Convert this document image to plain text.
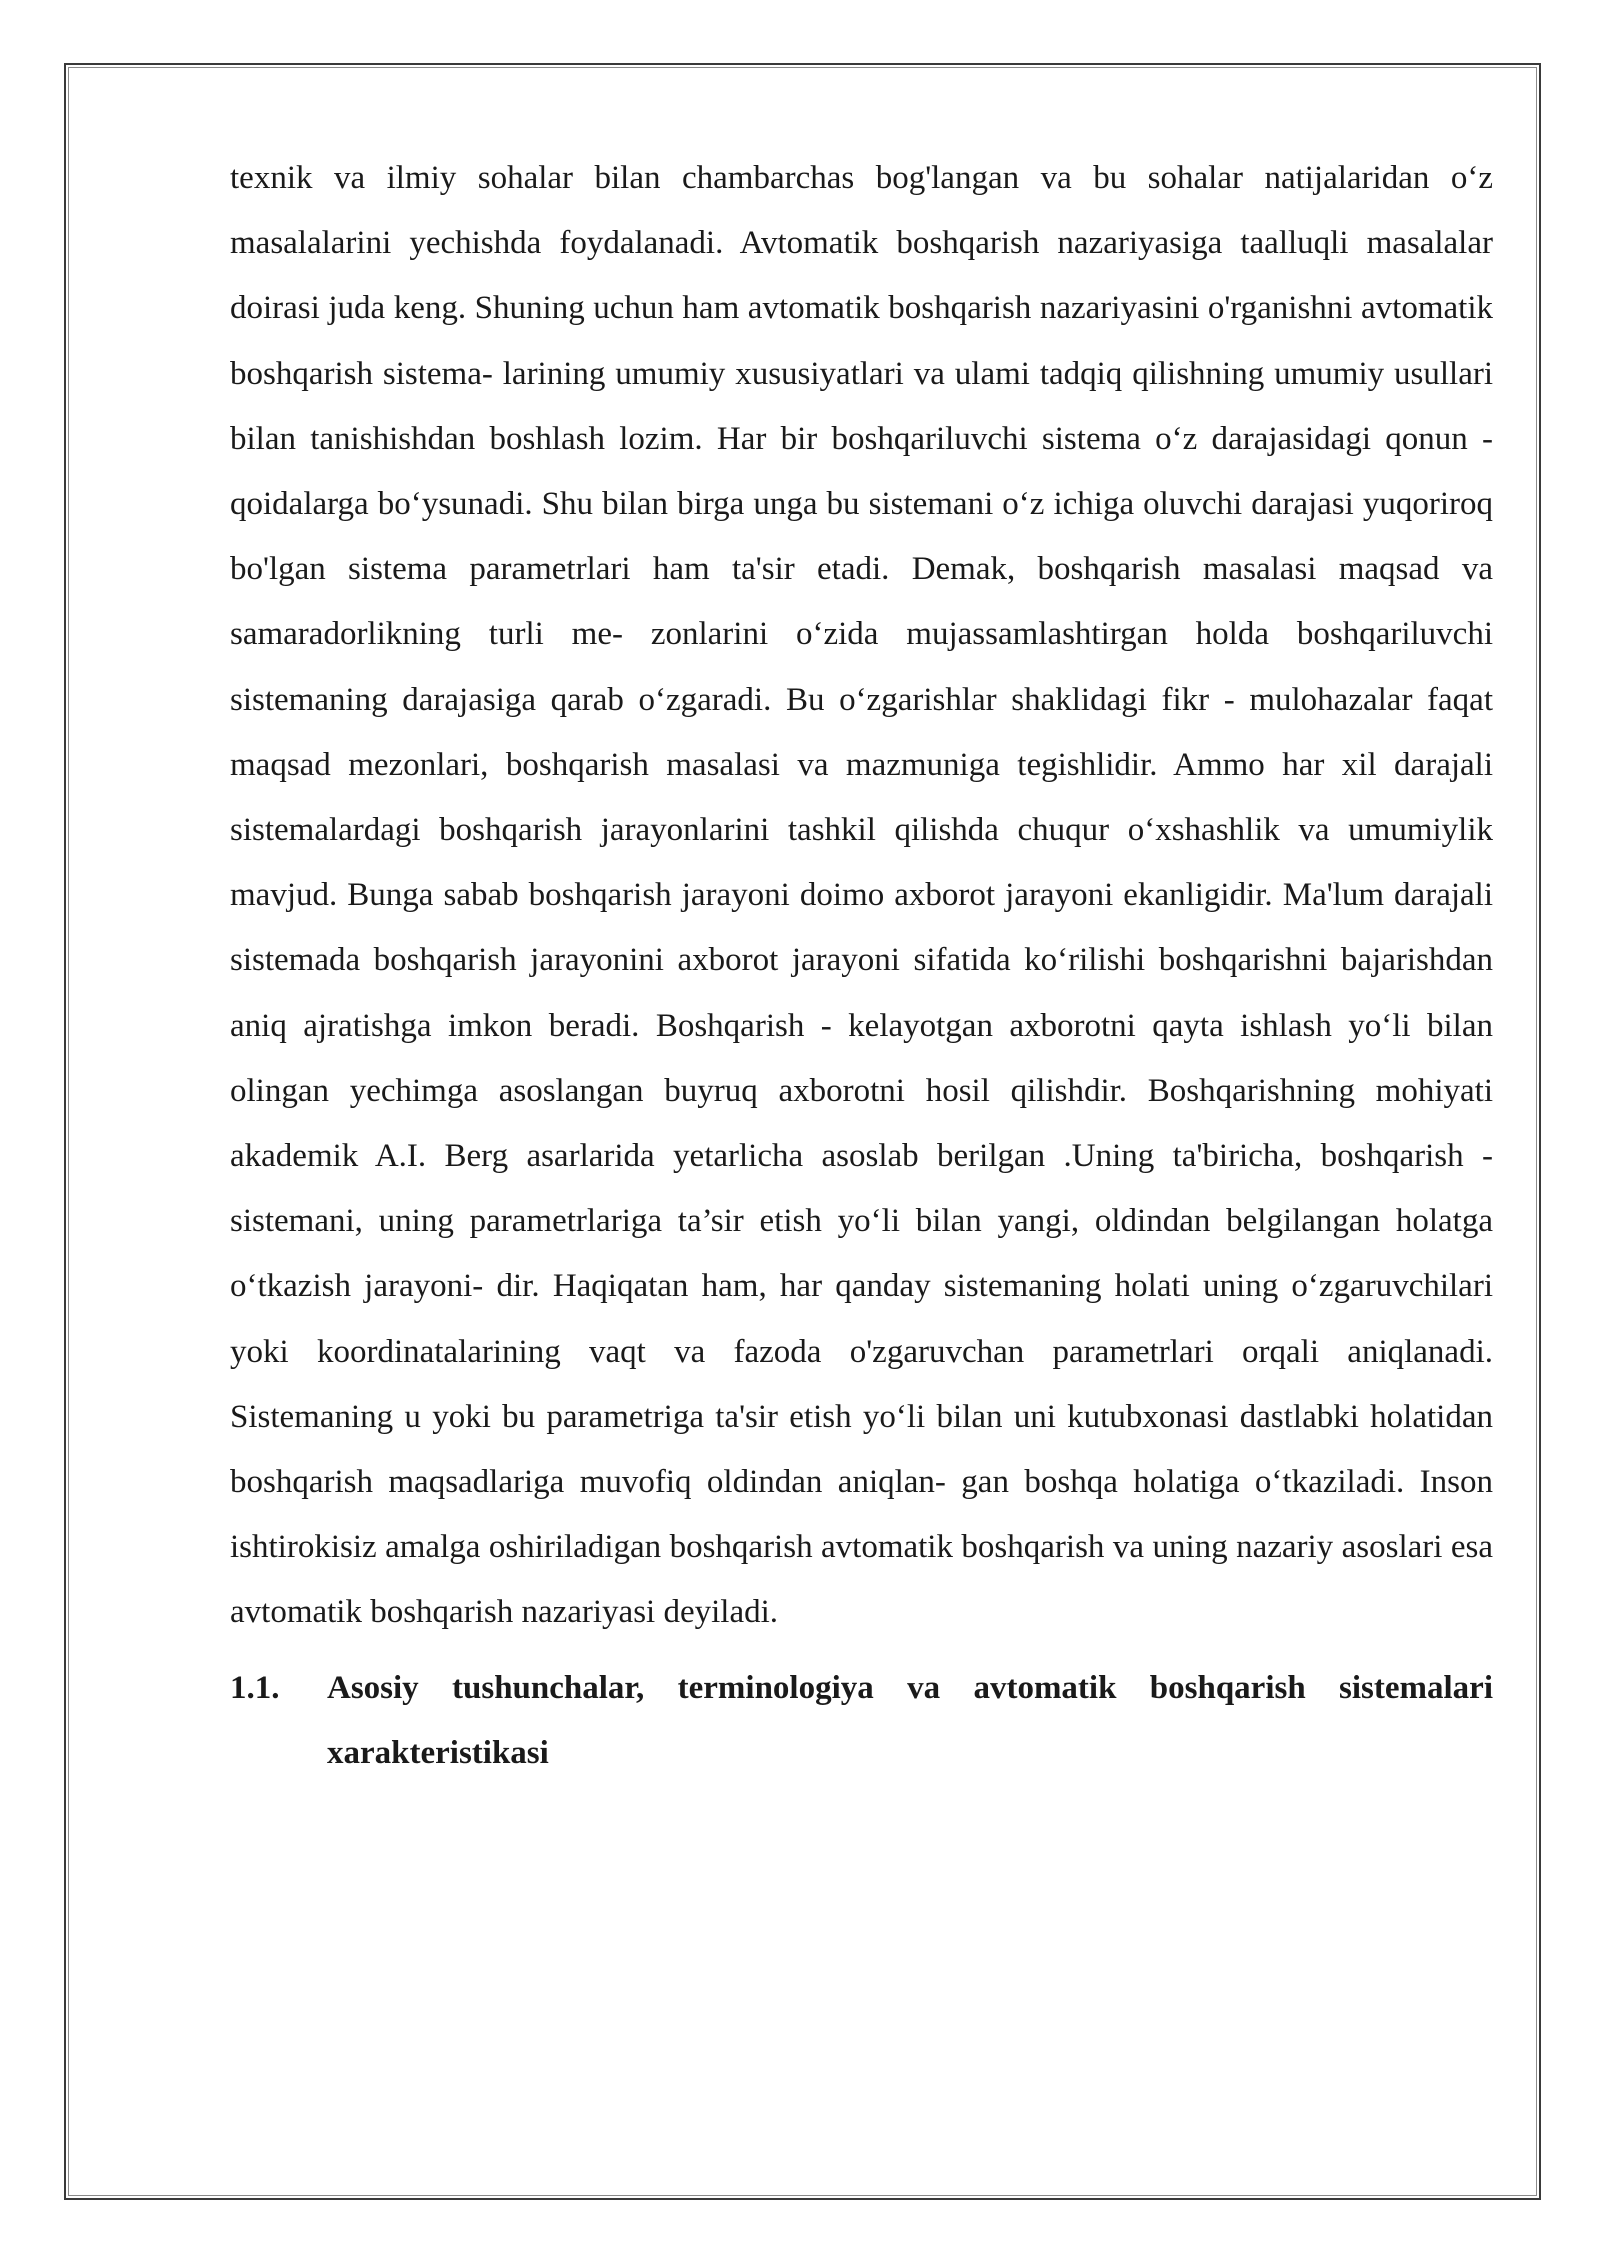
texnik va ilmiy sohalar bilan chambarchas bog'langan va bu sohalar natijalaridan o‘z masalalarini yechishda foydalanadi. Avtomatik boshqarish nazariyasiga taalluqli masalalar doirasi juda keng. Shuning uchun ham avtomatik boshqarish nazariyasini o'rganishni avtomatik boshqarish sistema- larining umumiy xususiyatlari va ulami tadqiq qilishning umumiy usullari bilan tanishishdan boshlash lozim. Har bir boshqariluvchi sistema o‘z darajasidagi qonun - qoidalarga bo‘ysunadi. Shu bilan birga unga bu sistemani o‘z ichiga oluvchi darajasi yuqoriroq bo'lgan sistema parametrlari ham ta'sir etadi. Demak, boshqarish masalasi maqsad va samaradorlikning turli me- zonlarini o‘zida mujassamlashtirgan holda boshqariluvchi sistemaning darajasiga qarab o‘zgaradi. Bu o‘zgarishlar shaklidagi fikr - mulohazalar faqat maqsad mezonlari, boshqarish masalasi va mazmuniga tegishlidir. Ammo har xil darajali sistemalardagi boshqarish jarayonlarini tashkil qilishda chuqur o‘xshashlik va umumiylik mavjud. Bunga sabab boshqarish jarayoni doimo axborot jarayoni ekanligidir. Ma'lum darajali sistemada boshqarish jarayonini axborot jarayoni sifatida ko‘rilishi boshqarishni bajarishdan aniq ajratishga imkon beradi. Boshqarish - kelayotgan axborotni qayta ishlash yo‘li bilan olingan yechimga asoslangan buyruq axborotni hosil qilishdir. Boshqarishning mohiyati akademik A.I. Berg asarlarida yetarlicha asoslab berilgan .Uning ta'biricha, boshqarish - sistemani, uning parametrlariga ta’sir etish yo‘li bilan yangi, oldindan belgilangan holatga o‘tkazish jarayoni- dir. Haqiqatan ham, har qanday sistemaning holati uning o‘zgaruvchilari yoki koordinatalarining vaqt va fazoda o'zgaruvchan parametrlari orqali aniqlanadi. Sistemaning u yoki bu parametriga ta'sir etish yo‘li bilan uni kutubxonasi dastlabki holatidan boshqarish maqsadlariga muvofiq oldindan aniqlan- gan boshqa holatiga o‘tkaziladi. Inson ishtirokisiz amalga oshiriladigan boshqarish avtomatik boshqarish va uning nazariy asoslari esa avtomatik boshqarish nazariyasi deyiladi.

1.1.	Asosiy tushunchalar, terminologiya va avtomatik boshqarish sistemalari xarakteristikasi
